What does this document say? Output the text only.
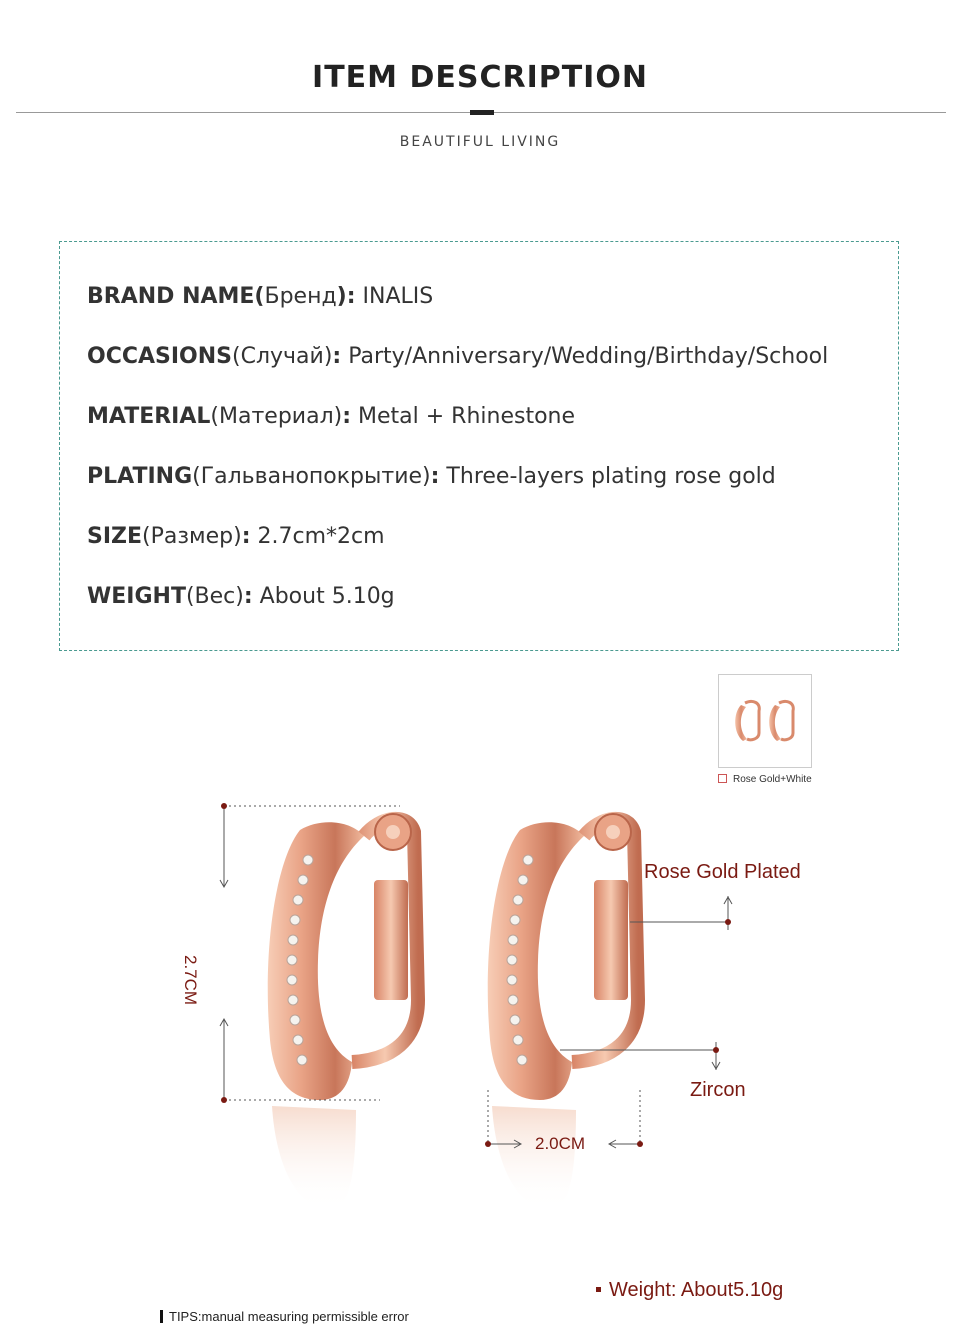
ITEM DESCRIPTION
BEAUTIFUL LIVING
BRAND NAME(Бренд): INALIS
OCCASIONS(Случай): Party/Anniversary/Wedding/Birthday/School
MATERIAL(Материал): Metal + Rhinestone
PLATING(Гальванопокрытие): Three-layers plating rose gold
SIZE(Размер): 2.7cm*2cm
WEIGHT(Вес): About 5.10g
Rose Gold+White
2.7CM
2.0CM
Rose Gold Plated
Zircon
Weight: About5.10g
TIPS:manual measuring permissible error
